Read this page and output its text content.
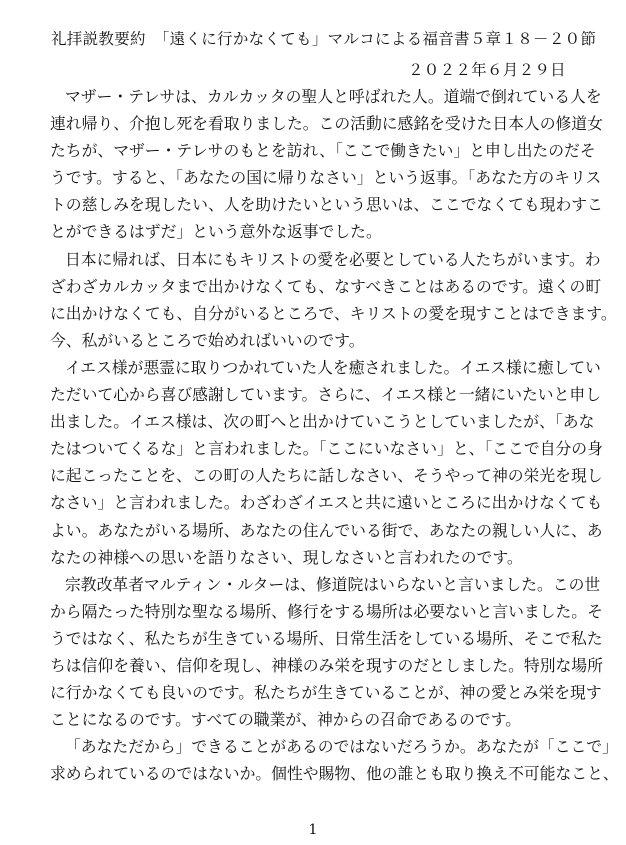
礼拝説教要約　「遠くに行かなくても」マルコによる福音書５章１８－２０節
２０２２年６月２９日
マザー・テレサは、カルカッタの聖人と呼ばれた人。道端で倒れている人を
連れ帰り、介抱し死を看取りました。この活動に感銘を受けた日本人の修道女
たちが、マザー・テレサのもとを訪れ、「ここで働きたい」と申し出たのだそ
うです。すると、「あなたの国に帰りなさい」という返事。「あなた方のキリス
トの慈しみを現したい、人を助けたいという思いは、ここでなくても現わすこ
とができるはずだ」という意外な返事でした。
日本に帰れば、日本にもキリストの愛を必要としている人たちがいます。わ
ざわざカルカッタまで出かけなくても、なすべきことはあるのです。遠くの町
に出かけなくても、自分がいるところで、キリストの愛を現すことはできます。
今、私がいるところで始めればいいのです。
イエス様が悪霊に取りつかれていた人を癒されました。イエス様に癒してい
ただいて心から喜び感謝しています。さらに、イエス様と一緒にいたいと申し
出ました。イエス様は、次の町へと出かけていこうとしていましたが、「あな
たはついてくるな」と言われました。「ここにいなさい」と、「ここで自分の身
に起こったことを、この町の人たちに話しなさい、そうやって神の栄光を現し
なさい」と言われました。わざわざイエスと共に遠いところに出かけなくても
よい。あなたがいる場所、あなたの住んでいる街で、あなたの親しい人に、あ
なたの神様への思いを語りなさい、現しなさいと言われたのです。
宗教改革者マルティン・ルターは、修道院はいらないと言いました。この世
から隔たった特別な聖なる場所、修行をする場所は必要ないと言いました。そ
うではなく、私たちが生きている場所、日常生活をしている場所、そこで私た
ちは信仰を養い、信仰を現し、神様のみ栄を現すのだとしました。特別な場所
に行かなくても良いのです。私たちが生きていることが、神の愛とみ栄を現す
ことになるのです。すべての職業が、神からの召命であるのです。
「あなただから」できることがあるのではないだろうか。あなたが「ここで」
求められているのではないか。個性や賜物、他の誰とも取り換え不可能なこと、
1
